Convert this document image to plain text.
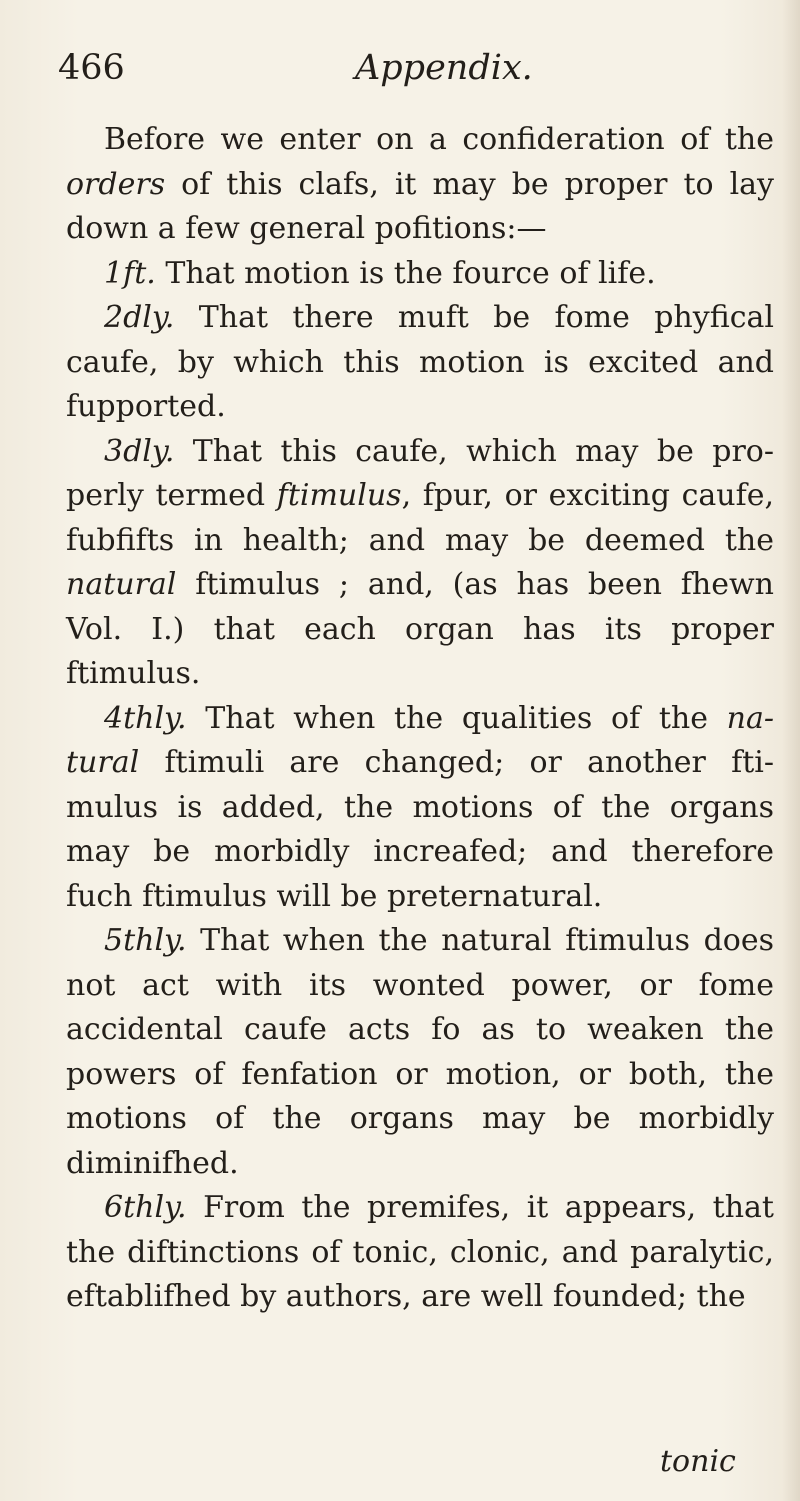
466	Appendix.

Before we enter on a confideration of the orders of this clafs, it may be proper to lay down a few general pofitions:—

1ft. That motion is the fource of life.

2dly. That there muft be fome phyfical caufe, by which this motion is excited and fupported.

3dly. That this caufe, which may be pro- perly termed ftimulus, fpur, or exciting caufe, fubfifts in health; and may be deemed the natural ftimulus ; and, (as has been fhewn Vol. I.) that each organ has its proper ftimulus.

4thly. That when the qualities of the na- tural ftimuli are changed; or another fti- mulus is added, the motions of the organs may be morbidly increafed; and therefore fuch ftimulus will be preternatural.

5thly. That when the natural ftimulus does not act with its wonted power, or fome accidental caufe acts fo as to weaken the powers of fenfation or motion, or both, the motions of the organs may be morbidly diminifhed.

6thly. From the premifes, it appears, that the diftinctions of tonic, clonic, and paralytic, eftablifhed by authors, are well founded; the

tonic
